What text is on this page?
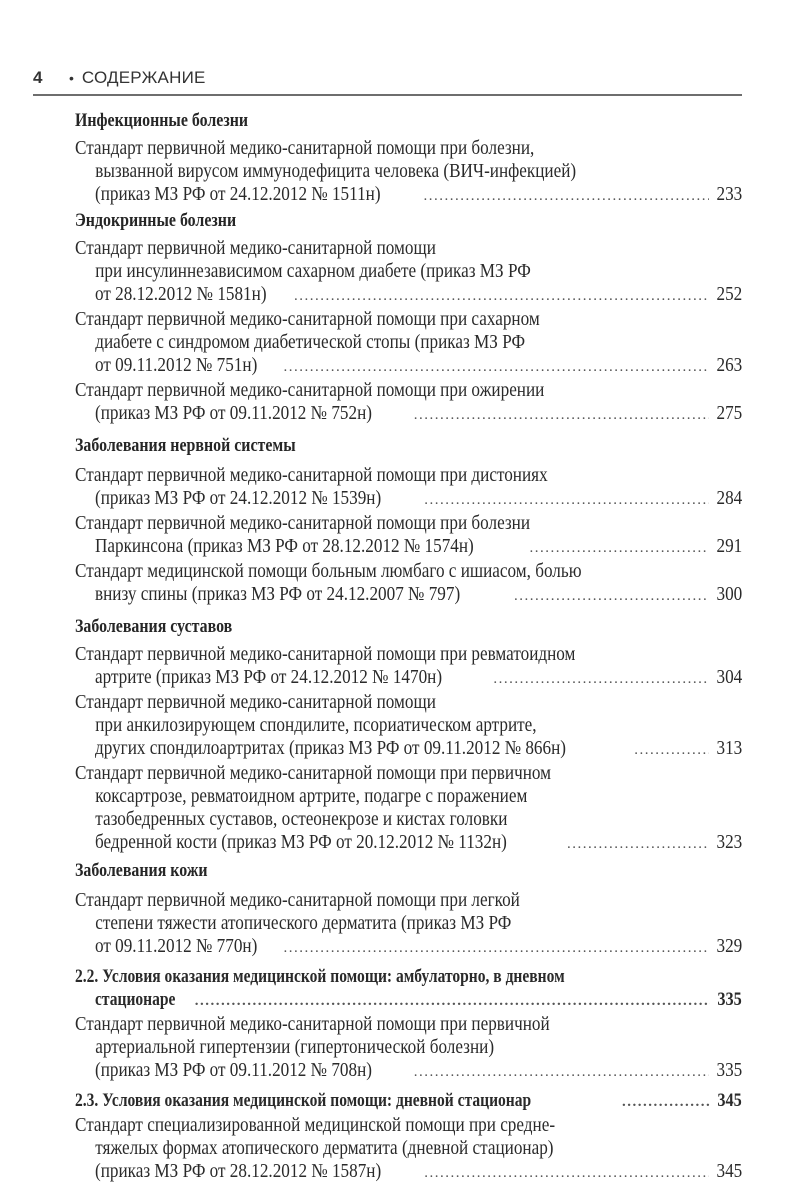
4	• СОДЕРЖАНИЕ
Инфекционные болезни
Стандарт первичной медико-санитарной помощи при болезни,
вызванной вирусом иммунодефицита человека (ВИЧ-инфекцией)
(приказ МЗ РФ от 24.12.2012 № 1511н) .....	233
Эндокринные болезни
Стандарт первичной медико-санитарной помощи
при инсулиннезависимом сахарном диабете (приказ МЗ РФ
от 28.12.2012 № 1581н) .....	252
Стандарт первичной медико-санитарной помощи при сахарном
диабете с синдромом диабетической стопы (приказ МЗ РФ
от 09.11.2012 № 751н) .....	263
Стандарт первичной медико-санитарной помощи при ожирении
(приказ МЗ РФ от 09.11.2012 № 752н) .....	275
Заболевания нервной системы
Стандарт первичной медико-санитарной помощи при дистониях
(приказ МЗ РФ от 24.12.2012 № 1539н) .....	284
Стандарт первичной медико-санитарной помощи при болезни
Паркинсона (приказ МЗ РФ от 28.12.2012 № 1574н) .....	291
Стандарт медицинской помощи больным люмбаго с ишиасом, болью
внизу спины (приказ МЗ РФ от 24.12.2007 № 797) .....	300
Заболевания суставов
Стандарт первичной медико-санитарной помощи при ревматоидном
артрите (приказ МЗ РФ от 24.12.2012 № 1470н) .....	304
Стандарт первичной медико-санитарной помощи
при анкилозирующем спондилите, псориатическом артрите,
других спондилоартритах (приказ МЗ РФ от 09.11.2012 № 866н) .....	313
Стандарт первичной медико-санитарной помощи при первичном
коксартрозе, ревматоидном артрите, подагре с поражением
тазобедренных суставов, остеонекрозе и кистах головки
бедренной кости (приказ МЗ РФ от 20.12.2012 № 1132н) .....	323
Заболевания кожи
Стандарт первичной медико-санитарной помощи при легкой
степени тяжести атопического дерматита (приказ МЗ РФ
от 09.11.2012 № 770н) .....	329
2.2. Условия оказания медицинской помощи: амбулаторно, в дневном
стационаре .....	335
Стандарт первичной медико-санитарной помощи при первичной
артериальной гипертензии (гипертонической болезни)
(приказ МЗ РФ от 09.11.2012 № 708н) .....	335
2.3. Условия оказания медицинской помощи: дневной стационар .....	345
Стандарт специализированной медицинской помощи при средне-
тяжелых формах атопического дерматита (дневной стационар)
(приказ МЗ РФ от 28.12.2012 № 1587н) .....	345
